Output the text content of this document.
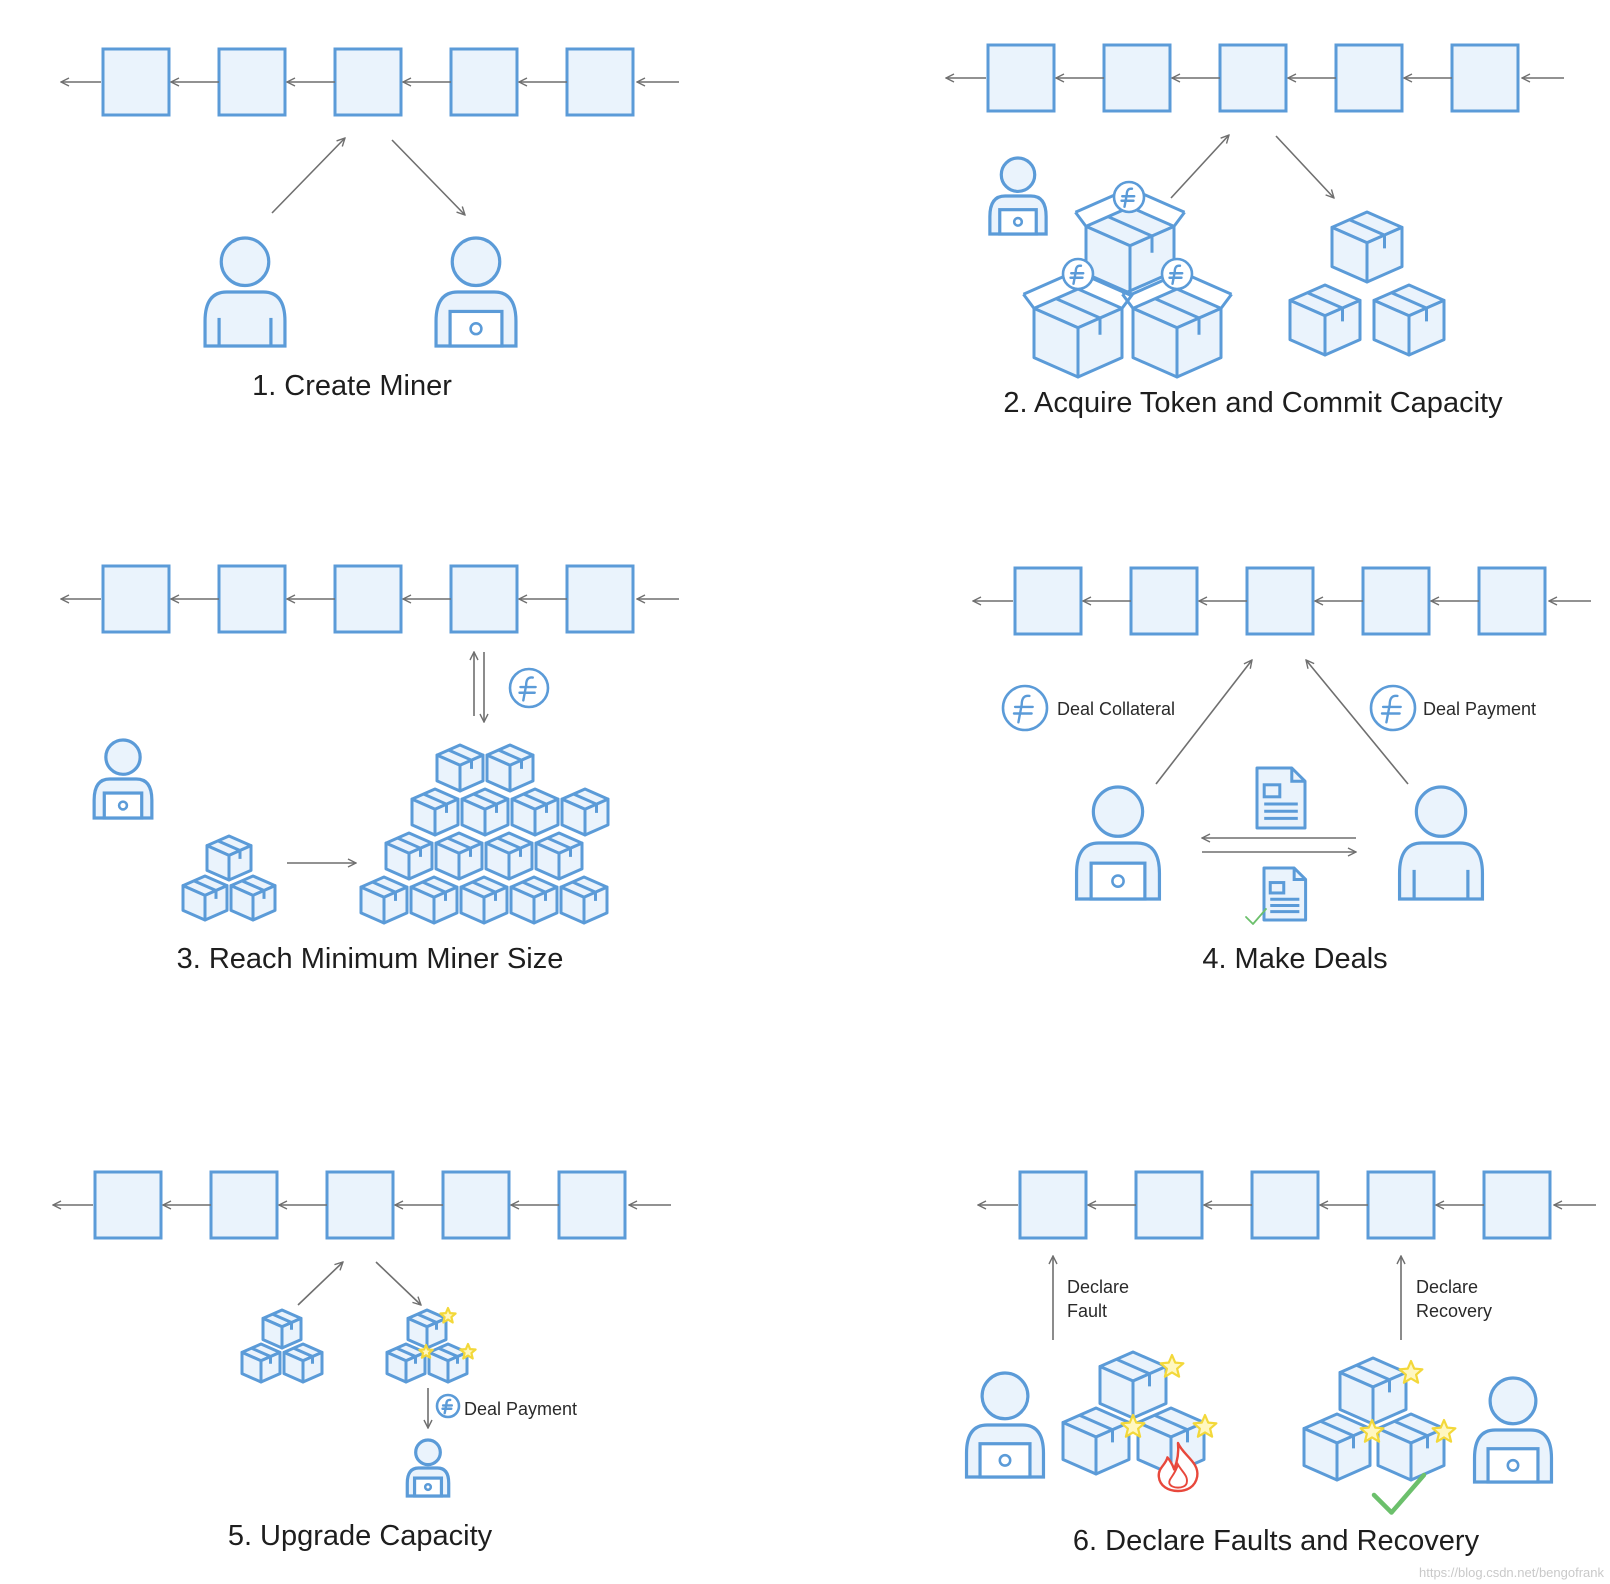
1. Create Miner
2. Acquire Token and Commit Capacity
3. Reach Minimum Miner Size	4. Make Deals
5. Upgrade Capacity	6. Declare Faults and Recovery
Deal Collateral	Deal Payment
Deal Payment
Declare
Fault
Declare
Recovery
https://blog.csdn.net/bengofrank
